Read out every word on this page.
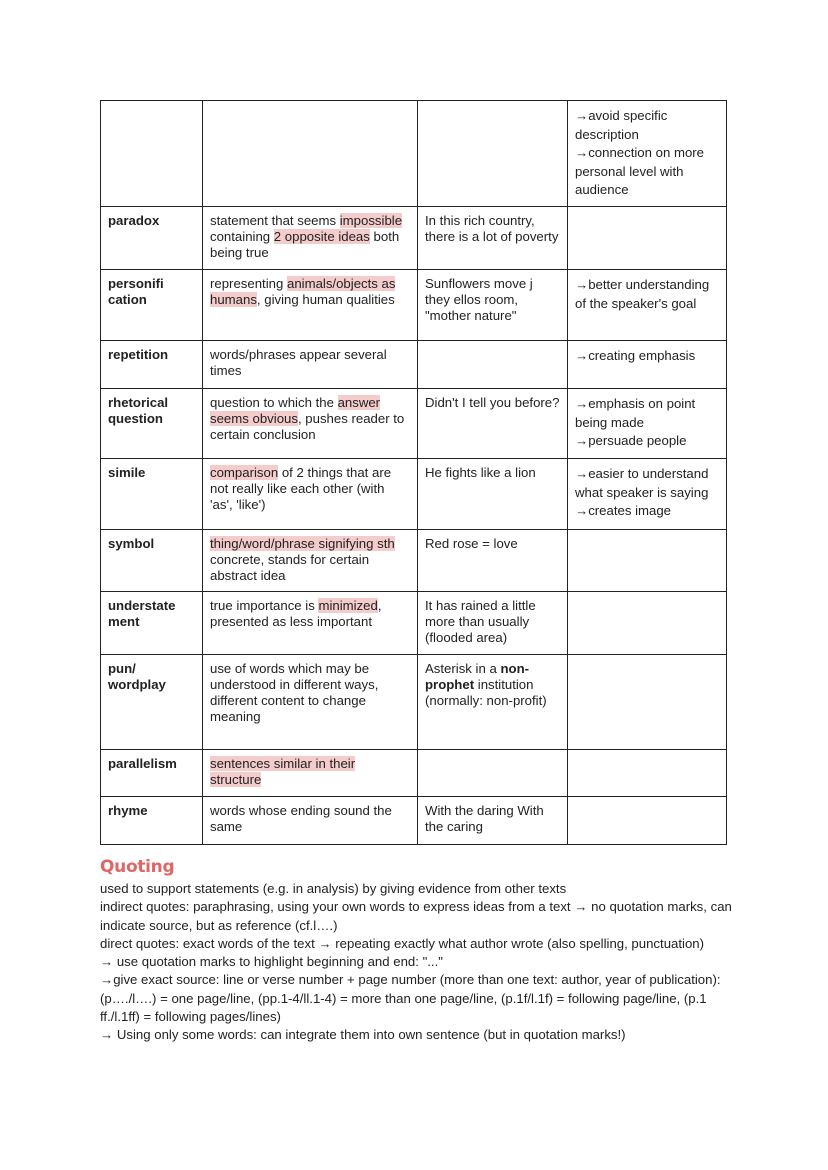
			→avoid specific description
→connection on more personal level with audience

paradox	statement that seems impossible containing 2 opposite ideas both being true	In this rich country, there is a lot of poverty	
personifi cation	representing animals/objects as humans, giving human qualities	Sunflowers move j they ellos room, "mother nature"	→better understanding of the speaker's goal

repetition	words/phrases appear several times		→creating emphasis

rhetorical question	question to which the answer seems obvious, pushes reader to certain conclusion	Didn't I tell you before?	→emphasis on point being made
→persuade people

simile	comparison of 2 things that are not really like each other (with 'as', 'like')	He fights like a lion	→easier to understand what speaker is saying
→creates image

symbol	thing/word/phrase signifying sth concrete, stands for certain abstract idea	Red rose = love	
understate ment	true importance is minimized, presented as less important	It has rained a little more than usually (flooded area)	
pun/ wordplay	use of words which may be understood in different ways, different content to change meaning	Asterisk in a non-prophet institution (normally: non-profit)	
parallelism	sentences similar in their structure		
rhyme	words whose ending sound the same	With the daring With the caring	
Quoting

used to support statements (e.g. in analysis) by giving evidence from other texts

indirect quotes: paraphrasing, using your own words to express ideas from a text → no quotation marks, can indicate source, but as reference (cf.l….)

direct quotes: exact words of the text → repeating exactly what author wrote (also spelling, punctuation)

→ use quotation marks to highlight beginning and end: "..."

→give exact source: line or verse number + page number (more than one text: author, year of publication): (p…./l….) = one page/line, (pp.1-4/ll.1-4) = more than one page/line, (p.1f/l.1f) = following page/line, (p.1 ff./l.1ff) = following pages/lines)

→ Using only some words: can integrate them into own sentence (but in quotation marks!)
